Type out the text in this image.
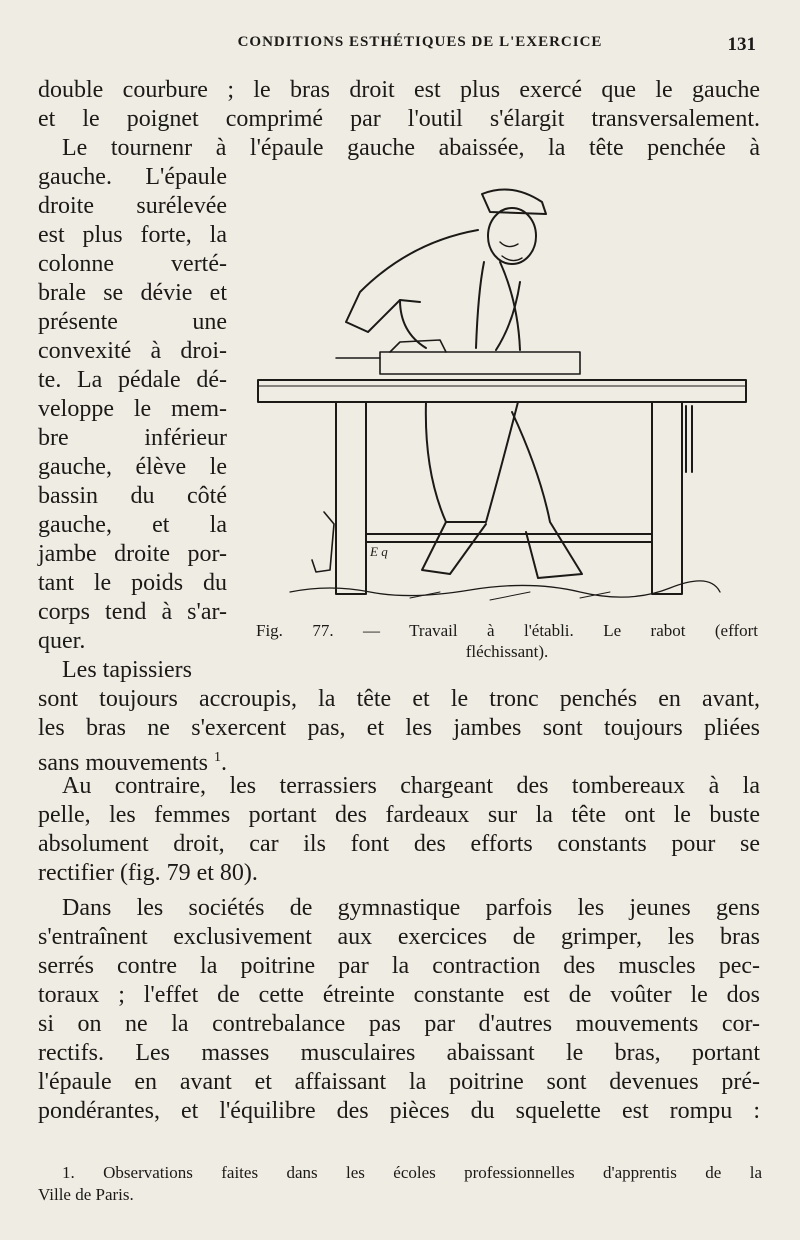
CONDITIONS ESTHÉTIQUES DE L'EXERCICE	131
double courbure ; le bras droit est plus exercé que le gauche
et le poignet comprimé par l'outil s'élargit transversalement.
Le tournenr à l'épaule gauche abaissée, la tête penchée à
gauche. L'épaule
droite surélevée
est plus forte, la
colonne verté-
brale se dévie et
présente une
convexité à droi-
te. La pédale dé-
veloppe le mem-
bre inférieur
gauche, élève le
bassin du côté
gauche, et la
jambe droite por-
tant le poids du
corps tend à s'ar-
quer.
Les tapissiers
sont toujours accroupis, la tête et le tronc penchés en avant,
les bras ne s'exercent pas, et les jambes sont toujours pliées
sans mouvements $^1$.
Au contraire, les terrassiers chargeant des tombereaux à la
pelle, les femmes portant des fardeaux sur la tête ont le buste
absolument droit, car ils font des efforts constants pour se
rectifier (fig. 79 et 80).
Dans les sociétés de gymnastique parfois les jeunes gens
s'entraînent exclusivement aux exercices de grimper, les bras
serrés contre la poitrine par la contraction des muscles pec-
toraux ; l'effet de cette étreinte constante est de voûter le dos
si on ne la contrebalance pas par d'autres mouvements cor-
rectifs. Les masses musculaires abaissant le bras, portant
l'épaule en avant et affaissant la poitrine sont devenues pré-
pondérantes, et l'équilibre des pièces du squelette est rompu :
E q
Fig. 77. — Travail à l'établi. Le rabot (effort
fléchissant).
1. Observations faites dans les écoles professionnelles d'apprentis de la
Ville de Paris.
